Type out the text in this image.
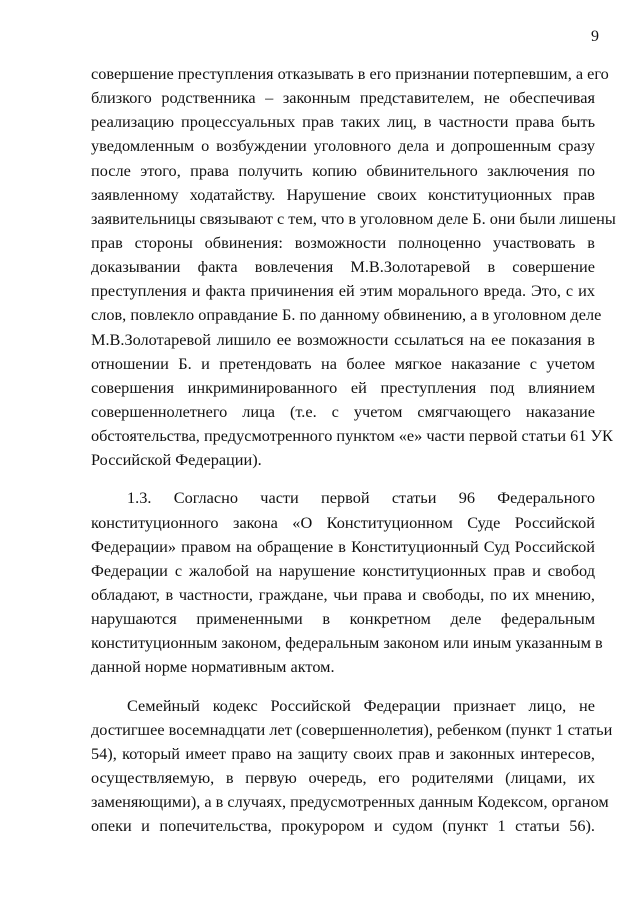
9
совершение преступления отказывать в его признании потерпевшим, а его
близкого родственника – законным представителем, не обеспечивая
реализацию процессуальных прав таких лиц, в частности права быть
уведомленным о возбуждении уголовного дела и допрошенным сразу
после этого, права получить копию обвинительного заключения по
заявленному ходатайству. Нарушение своих конституционных прав
заявительницы связывают с тем, что в уголовном деле Б. они были лишены
прав стороны обвинения: возможности полноценно участвовать в
доказывании факта вовлечения М.В.Золотаревой в совершение
преступления и факта причинения ей этим морального вреда. Это, с их
слов, повлекло оправдание Б. по данному обвинению, а в уголовном деле
М.В.Золотаревой лишило ее возможности ссылаться на ее показания в
отношении Б. и претендовать на более мягкое наказание с учетом
совершения инкриминированного ей преступления под влиянием
совершеннолетнего лица (т.е. с учетом смягчающего наказание
обстоятельства, предусмотренного пунктом «е» части первой статьи 61 УК
Российской Федерации).
1.3. Согласно части первой статьи 96 Федерального
конституционного закона «О Конституционном Суде Российской
Федерации» правом на обращение в Конституционный Суд Российской
Федерации с жалобой на нарушение конституционных прав и свобод
обладают, в частности, граждане, чьи права и свободы, по их мнению,
нарушаются примененными в конкретном деле федеральным
конституционным законом, федеральным законом или иным указанным в
данной норме нормативным актом.
Семейный кодекс Российской Федерации признает лицо, не
достигшее восемнадцати лет (совершеннолетия), ребенком (пункт 1 статьи
54), который имеет право на защиту своих прав и законных интересов,
осуществляемую, в первую очередь, его родителями (лицами, их
заменяющими), а в случаях, предусмотренных данным Кодексом, органом
опеки и попечительства, прокурором и судом (пункт 1 статьи 56).
